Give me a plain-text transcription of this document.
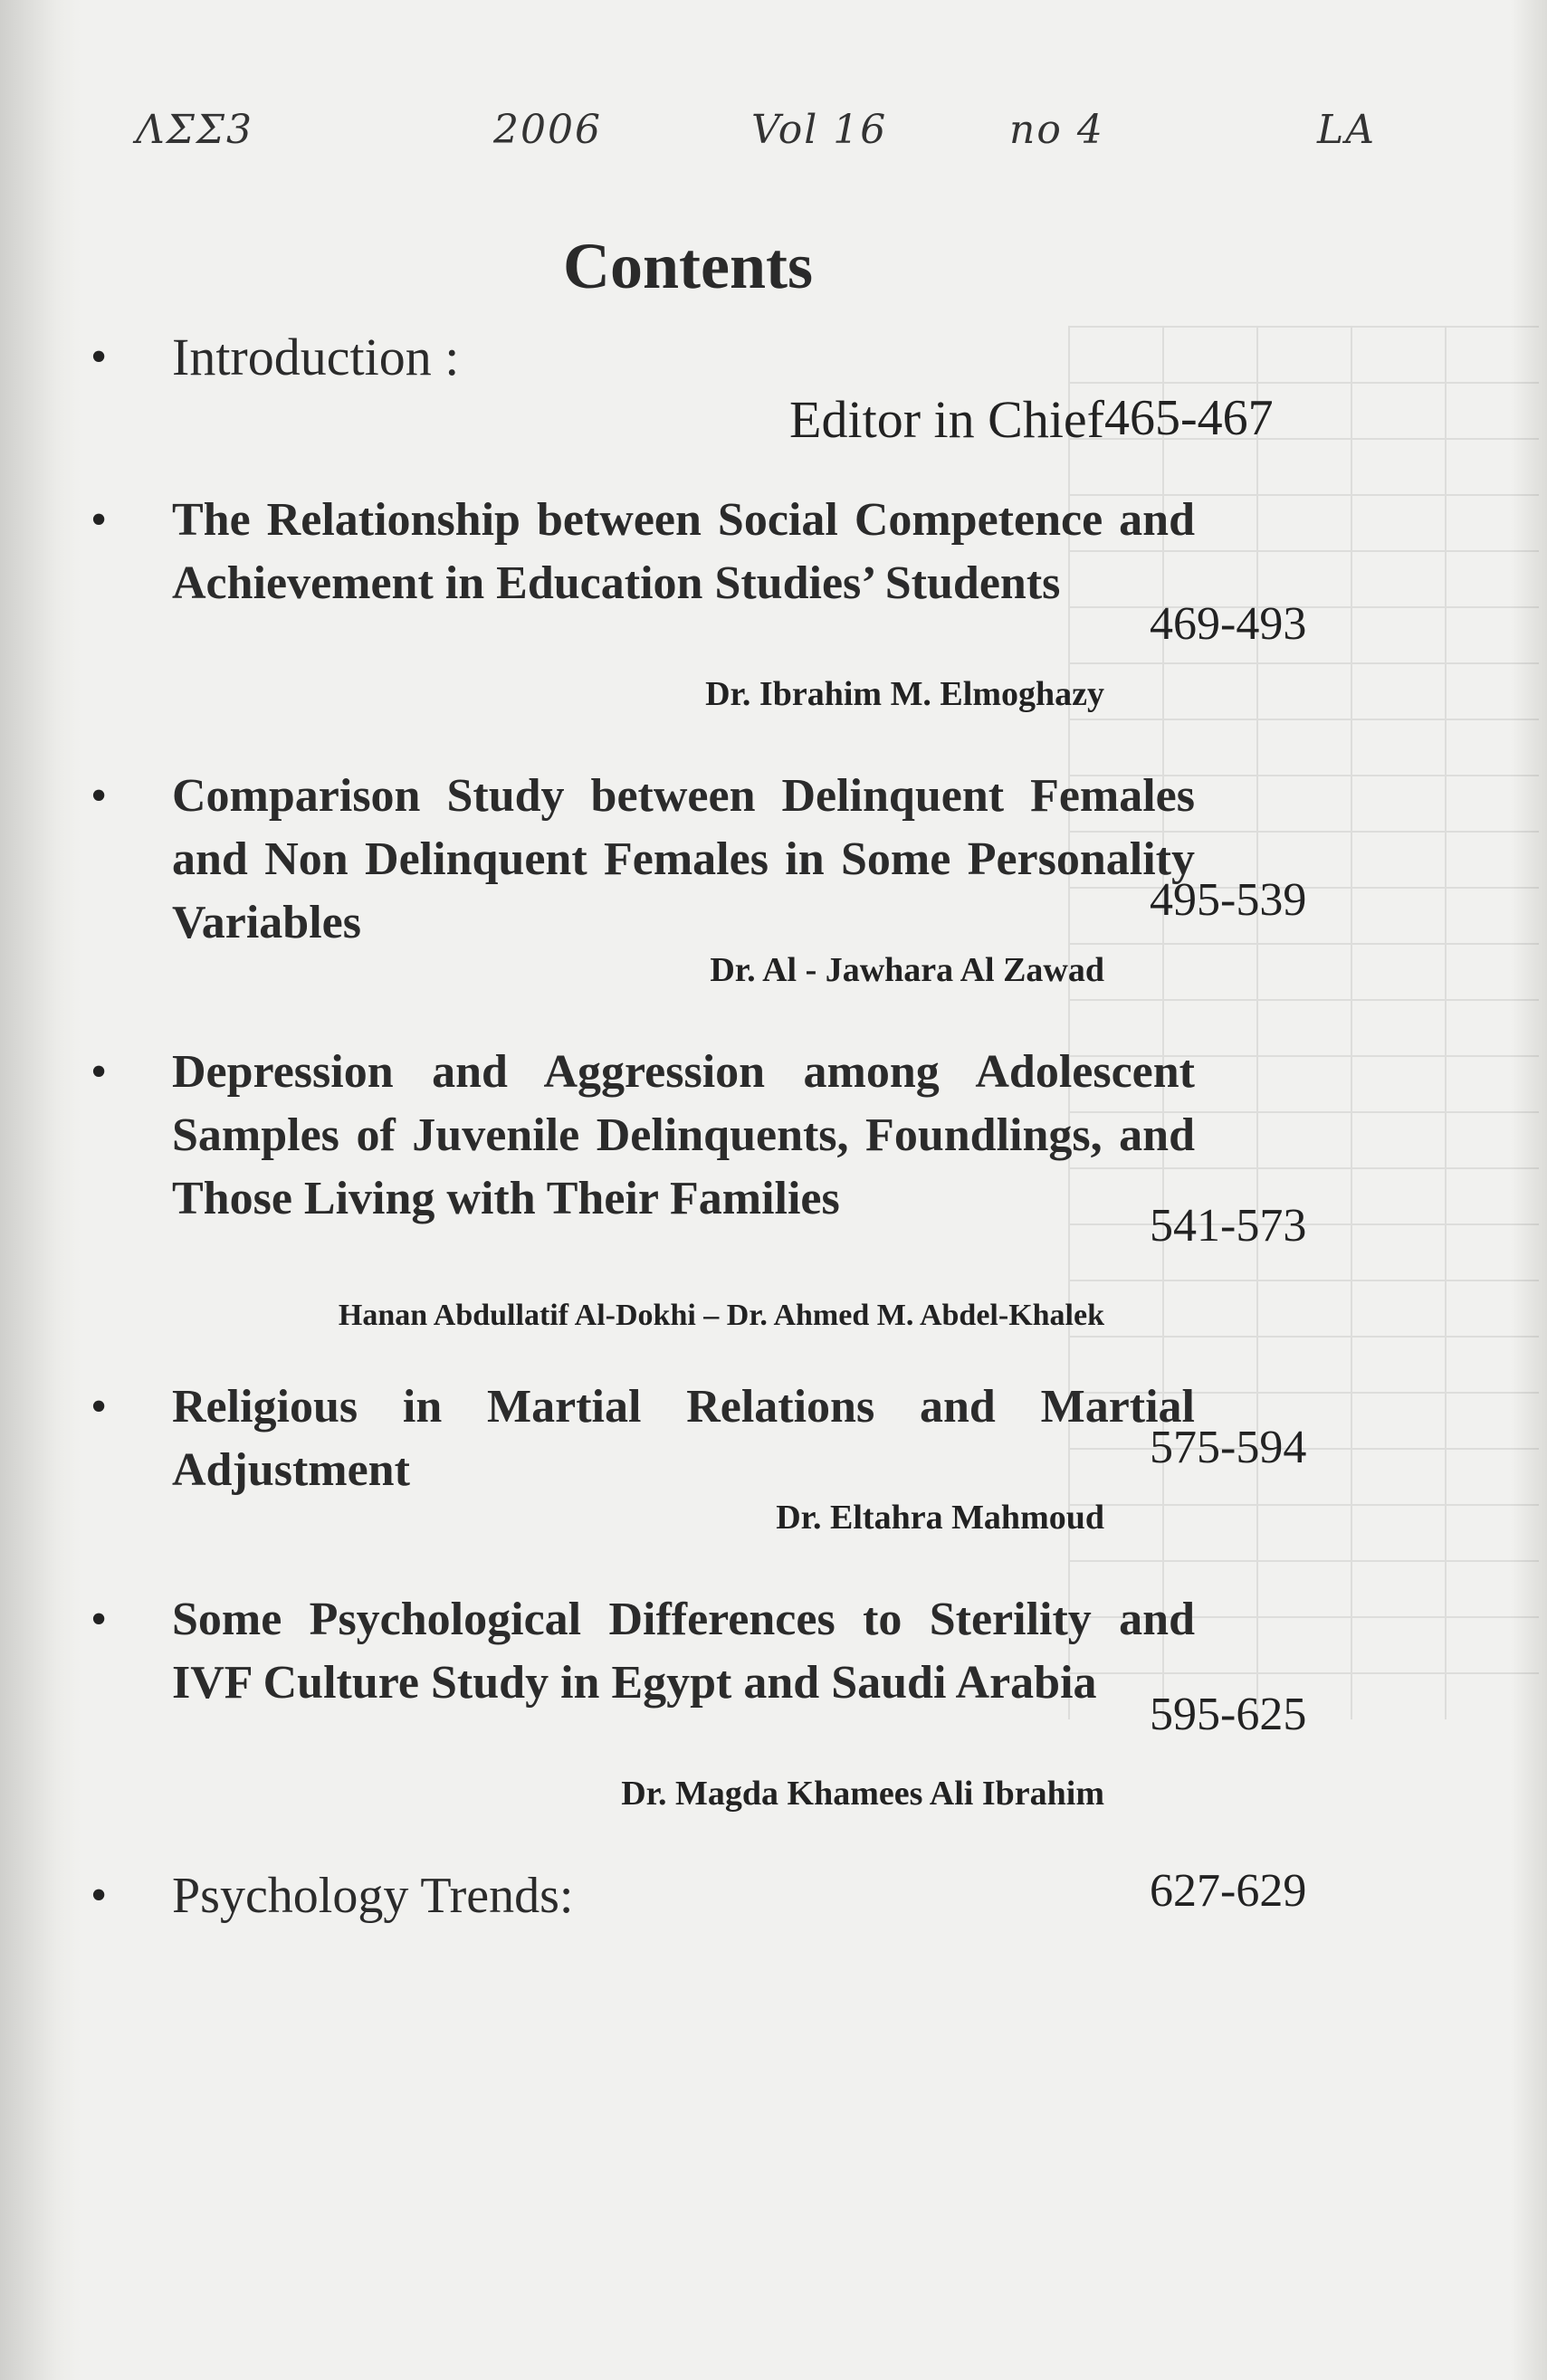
ΛΣΣ3	2006	Vol 16	no 4	LA
Contents
• Introduction :
Editor in Chief 465-467
• The Relationship between Social Competence and Achievement in Education Studies’ Students
Dr. Ibrahim M. Elmoghazy
469-493
• Comparison Study between Delinquent Females and Non Delinquent Females in Some Personality Variables
Dr. Al - Jawhara Al Zawad
495-539
• Depression and Aggression among Adolescent Samples of Juvenile Delinquents, Foundlings, and Those Living with Their Families
Hanan Abdullatif Al-Dokhi – Dr. Ahmed M. Abdel-Khalek
541-573
• Religious in Martial Relations and Martial Adjustment
Dr. Eltahra Mahmoud
575-594
• Some Psychological Differences to Sterility and IVF Culture Study in Egypt and Saudi Arabia
Dr. Magda Khamees Ali Ibrahim
595-625
• Psychology Trends:	627-629
